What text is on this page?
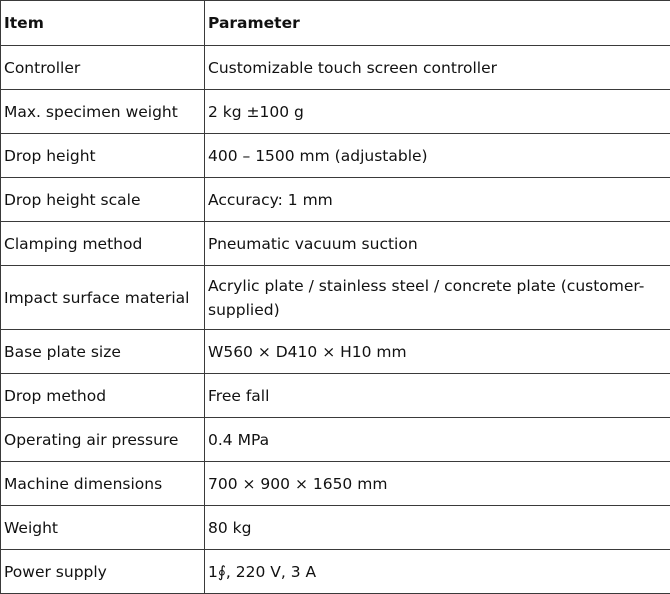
Item	Parameter
Controller	Customizable touch screen controller
Max. specimen weight	2 kg ±100 g
Drop height	400 – 1500 mm (adjustable)
Drop height scale	Accuracy: 1 mm
Clamping method	Pneumatic vacuum suction
Impact surface material	Acrylic plate / stainless steel / concrete plate (customer-supplied)
Base plate size	W560 × D410 × H10 mm
Drop method	Free fall
Operating air pressure	0.4 MPa
Machine dimensions	700 × 900 × 1650 mm
Weight	80 kg
Power supply	1∮, 220 V, 3 A
